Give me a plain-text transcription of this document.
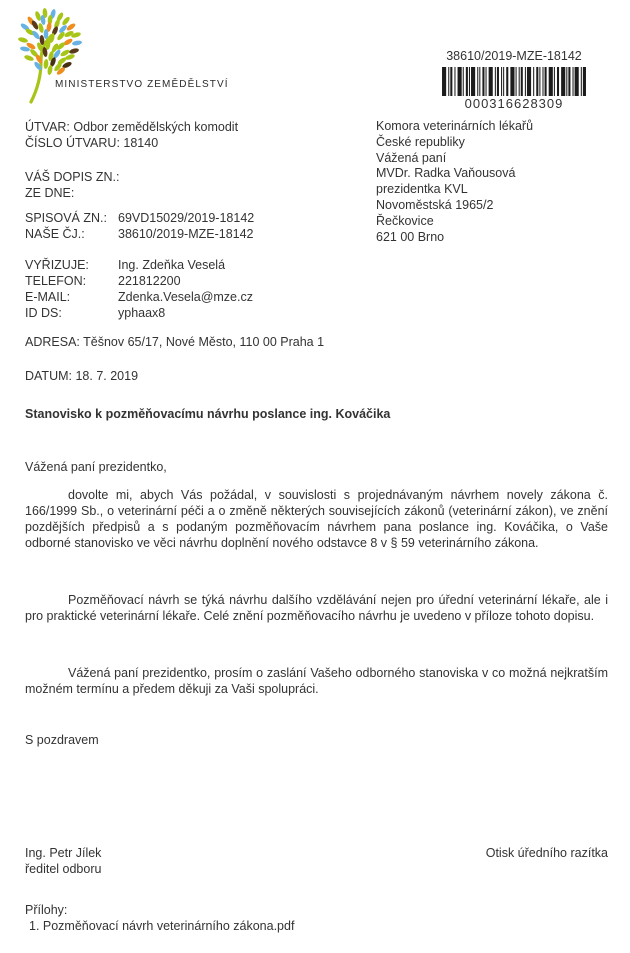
MINISTERSTVO ZEMĚDĚLSTVÍ
38610/2019-MZE-18142
000316628309
ÚTVAR: Odbor zemědělských komodit
ČÍSLO ÚTVARU: 18140
VÁŠ DOPIS ZN.:
ZE DNE:
SPISOVÁ ZN.: 69VD15029/2019-18142
NAŠE ČJ.:	38610/2019-MZE-18142
VYŘIZUJE: Ing. Zdeňka Veselá
TELEFON:	221812200
E-MAIL:	Zdenka.Vesela@mze.cz
ID DS:	yphaax8
ADRESA: Těšnov 65/17, Nové Město, 110 00 Praha 1
DATUM: 18. 7. 2019
Komora veterinárních lékařů
České republiky
Vážená paní
MVDr. Radka Vaňousová
prezidentka KVL
Novoměstská 1965/2
Řečkovice
621 00 Brno
Stanovisko k pozměňovacímu návrhu poslance ing. Kováčika
Vážená paní prezidentko,
dovolte mi, abych Vás požádal, v souvislosti s projednávaným návrhem novely zákona č. 166/1999 Sb., o veterinární péči a o změně některých souvisejících zákonů (veterinární zákon), ve znění pozdějších předpisů a s podaným pozměňovacím návrhem pana poslance ing. Kováčika, o Vaše odborné stanovisko ve věci návrhu doplnění nového odstavce 8 v § 59 veterinárního zákona.
Pozměňovací návrh se týká návrhu dalšího vzdělávání nejen pro úřední veterinární lékaře, ale i pro praktické veterinární lékaře. Celé znění pozměňovacího návrhu je uvedeno v příloze tohoto dopisu.
Vážená paní prezidentko, prosím o zaslání Vašeho odborného stanoviska v co možná nejkratším možném termínu a předem děkuji za Vaši spolupráci.
S pozdravem
Ing. Petr Jílek
ředitel odboru
Otisk úředního razítka
Přílohy:
1. Pozměňovací návrh veterinárního zákona.pdf
